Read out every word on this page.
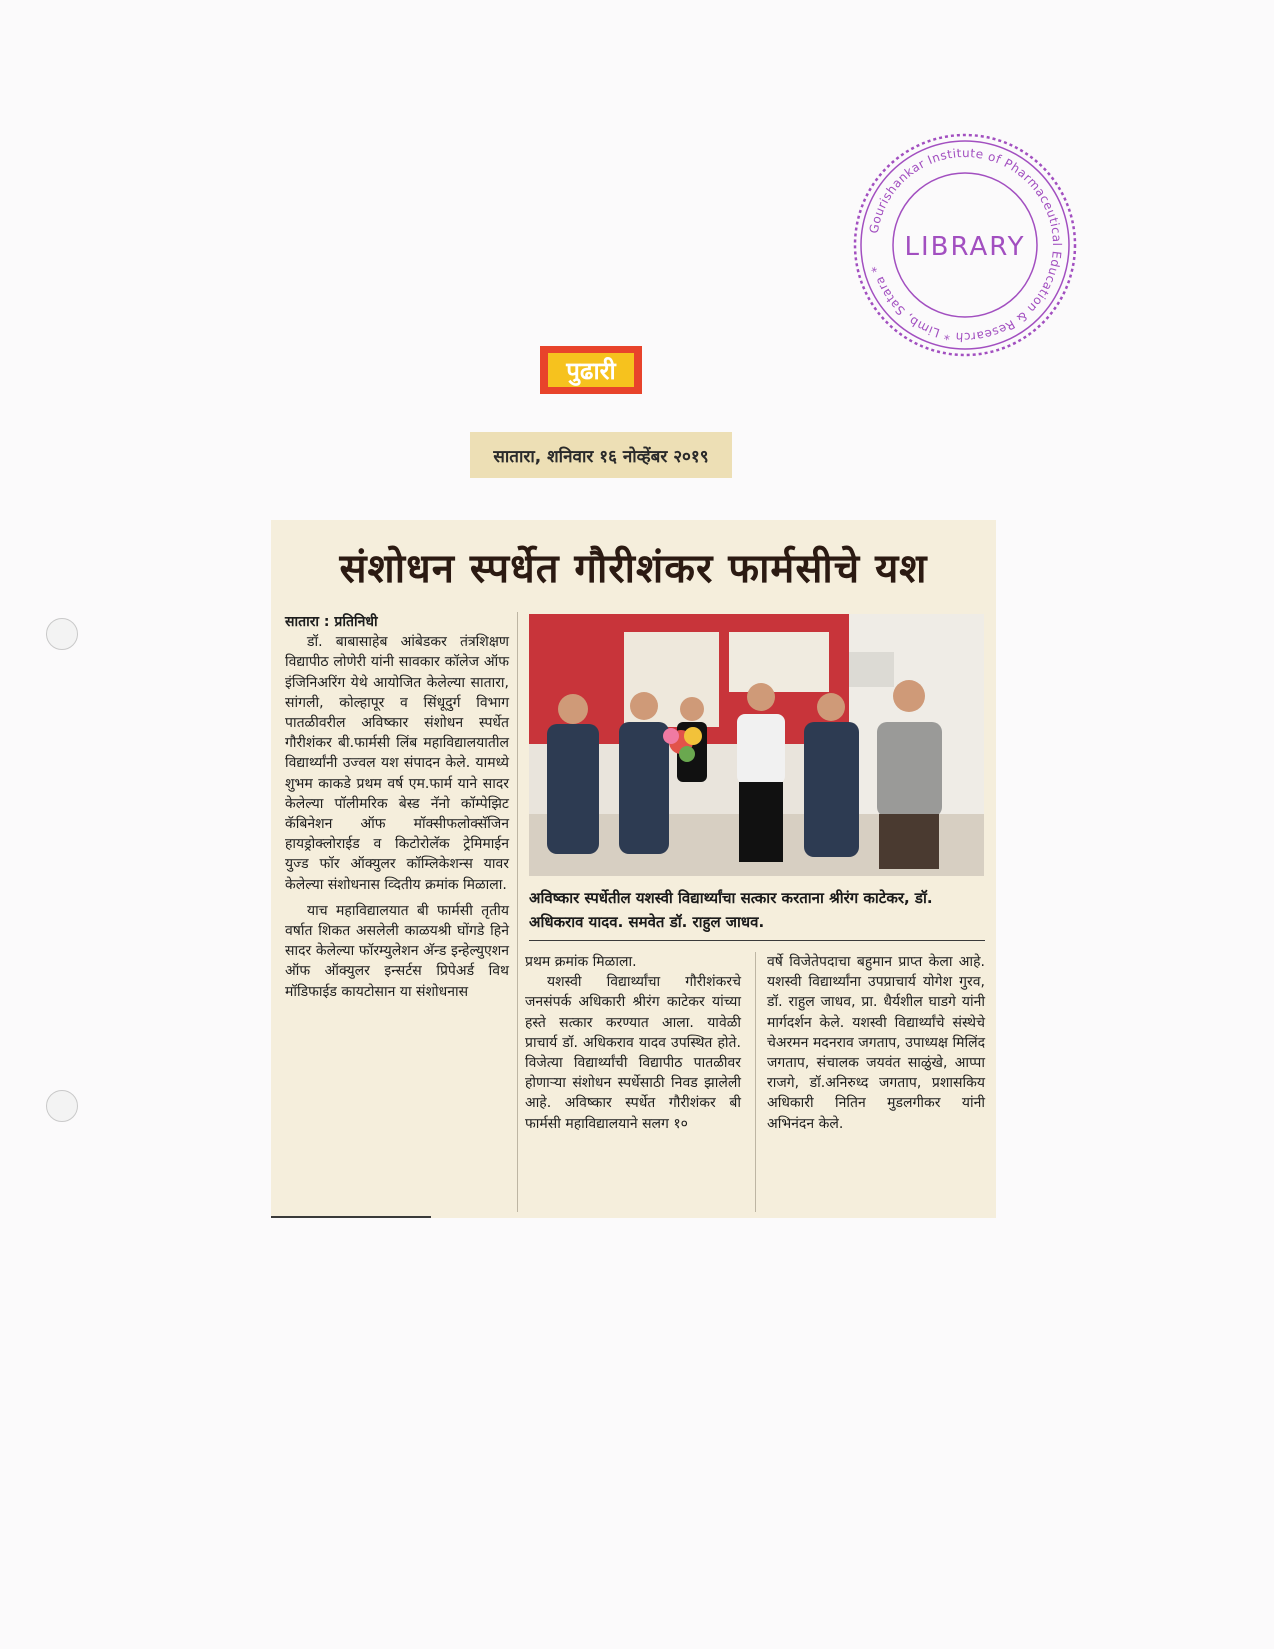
Gourishankar Institute of Pharmaceutical Education & Research * Limb, Satara *
LIBRARY
पुढारी
सातारा, शनिवार १६ नोव्हेंबर २०१९
संशोधन स्पर्धेत गौरीशंकर फार्मसीचे यश

सातारा : प्रतिनिधी

डॉ. बाबासाहेब आंबेडकर तंत्रशिक्षण विद्यापीठ लोणेरी यांनी सावकार कॉलेज ऑफ इंजिनिअरिंग येथे आयोजित केलेल्या सातारा, सांगली, कोल्हापूर व सिंधूदुर्ग विभाग पातळीवरील अविष्कार संशोधन स्पर्धेत गौरीशंकर बी.फार्मसी लिंब महाविद्यालयातील विद्यार्थ्यांनी उज्वल यश संपादन केले. यामध्ये शुभम काकडे प्रथम वर्ष एम.फार्म याने सादर केलेल्या पॉलीमरिक बेस्ड नॅनो कॉम्पेझिट कॅबिनेशन ऑफ मॉक्सीफलोक्सॅजिन हायड्रोक्लोराईड व किटोरोलॅक ट्रेमिमाईन युज्ड फॉर ऑक्युलर कॉम्लिकेशन्स यावर केलेल्या संशोधनास व्दितीय क्रमांक मिळाला.

याच महाविद्यालयात बी फार्मसी तृतीय वर्षात शिकत असलेली काळयश्री घोंगडे हिने सादर केलेल्या फॉरम्युलेशन अ‍ॅन्ड इन्हेल्युएशन ऑफ ऑक्युलर इन्सर्टस प्रिपेअर्ड विथ मॉडिफाईड कायटोसान या संशोधनास

अविष्कार स्पर्धेतील यशस्वी विद्यार्थ्यांचा सत्कार करताना श्रीरंग काटेकर, डॉ. अधिकराव यादव. समवेत डॉ. राहुल जाधव.

प्रथम क्रमांक मिळाला.

यशस्वी विद्यार्थ्यांचा गौरीशंकरचे जनसंपर्क अधिकारी श्रीरंग काटेकर यांच्या हस्ते सत्कार करण्यात आला. यावेळी प्राचार्य डॉ. अधिकराव यादव उपस्थित होते. विजेत्या विद्यार्थ्यांची विद्यापीठ पातळीवर होणाऱ्या संशोधन स्पर्धेसाठी निवड झालेली आहे. अविष्कार स्पर्धेत गौरीशंकर बी फार्मसी महाविद्यालयाने सलग १०

वर्षे विजेतेपदाचा बहुमान प्राप्त केला आहे. यशस्वी विद्यार्थ्यांना उपप्राचार्य योगेश गुरव, डॉ. राहुल जाधव, प्रा. धैर्यशील घाडगे यांनी मार्गदर्शन केले. यशस्वी विद्यार्थ्यांचे संस्थेचे चेअरमन मदनराव जगताप, उपाध्यक्ष मिलिंद जगताप, संचालक जयवंत साळुंखे, आप्पा राजगे, डॉ.अनिरुध्द जगताप, प्रशासकिय अधिकारी नितिन मुडलगीकर यांनी अभिनंदन केले.
